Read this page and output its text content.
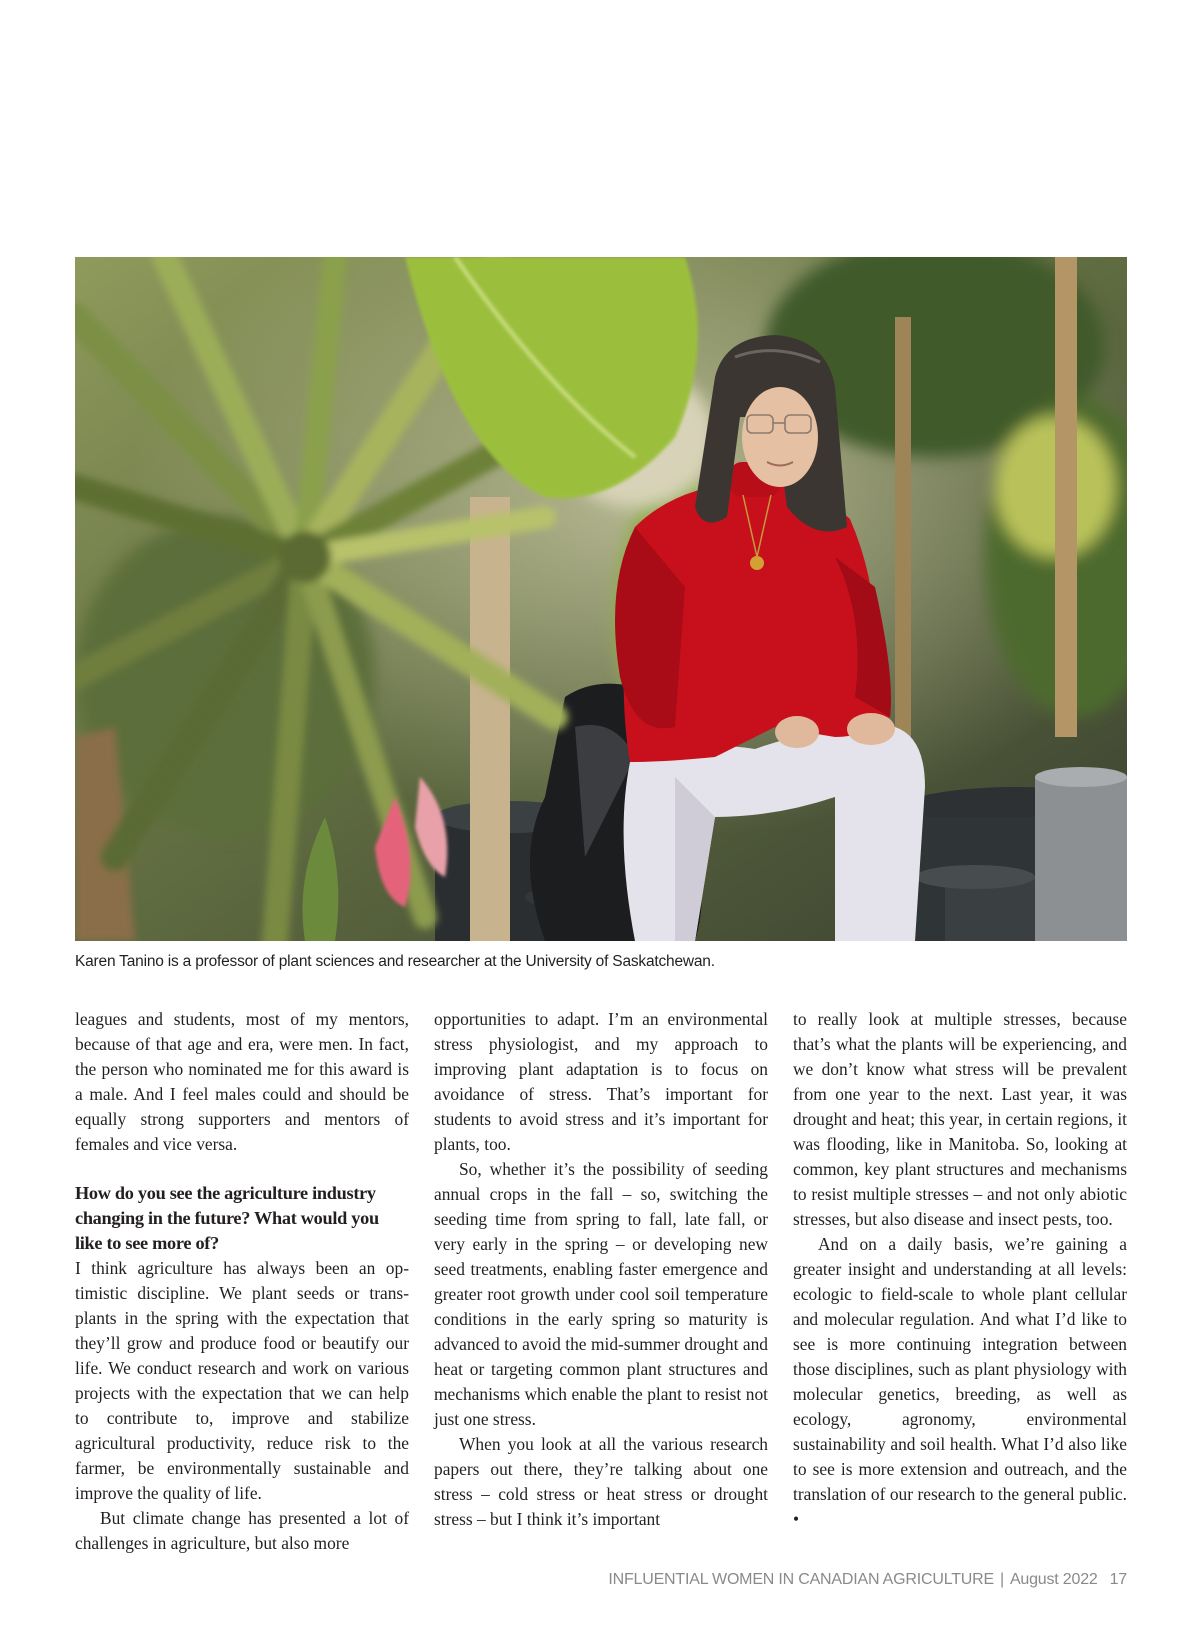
Karen Tanino is a professor of plant sciences and researcher at the University of Saskatchewan.

leagues and students, most of my mentors, because of that age and era, were men. In fact, the person who nominated me for this award is a male. And I feel males could and should be equally strong supporters and mentors of females and vice versa.

How do you see the agriculture industry changing in the future? What would you like to see more of?

I think agriculture has always been an optimistic discipline. We plant seeds or transplants in the spring with the expectation that they’ll grow and produce food or beautify our life. We conduct research and work on various projects with the expectation that we can help to contribute to, improve and stabilize agricultural productivity, reduce risk to the farmer, be environmentally sustainable and improve the quality of life.

But climate change has presented a lot of challenges in agriculture, but also more

opportunities to adapt. I’m an environmental stress physiologist, and my approach to improving plant adaptation is to focus on avoidance of stress. That’s important for students to avoid stress and it’s important for plants, too.

So, whether it’s the possibility of seeding annual crops in the fall – so, switching the seeding time from spring to fall, late fall, or very early in the spring – or developing new seed treatments, enabling faster emergence and greater root growth under cool soil temperature conditions in the early spring so maturity is advanced to avoid the mid-summer drought and heat or targeting common plant structures and mechanisms which enable the plant to resist not just one stress.

When you look at all the various research papers out there, they’re talking about one stress – cold stress or heat stress or drought stress – but I think it’s important

to really look at multiple stresses, because that’s what the plants will be experiencing, and we don’t know what stress will be prevalent from one year to the next. Last year, it was drought and heat; this year, in certain regions, it was flooding, like in Manitoba. So, looking at common, key plant structures and mechanisms to resist multiple stresses – and not only abiotic stresses, but also disease and insect pests, too.

And on a daily basis, we’re gaining a greater insight and understanding at all levels: ecologic to field-scale to whole plant cellular and molecular regulation. And what I’d like to see is more continuing integration between those disciplines, such as plant physiology with molecular genetics, breeding, as well as ecology, agronomy, environmental sustainability and soil health. What I’d also like to see is more extension and outreach, and the translation of our research to the general public. •

INFLUENTIAL WOMEN IN CANADIAN AGRICULTURE | August 2022 17
